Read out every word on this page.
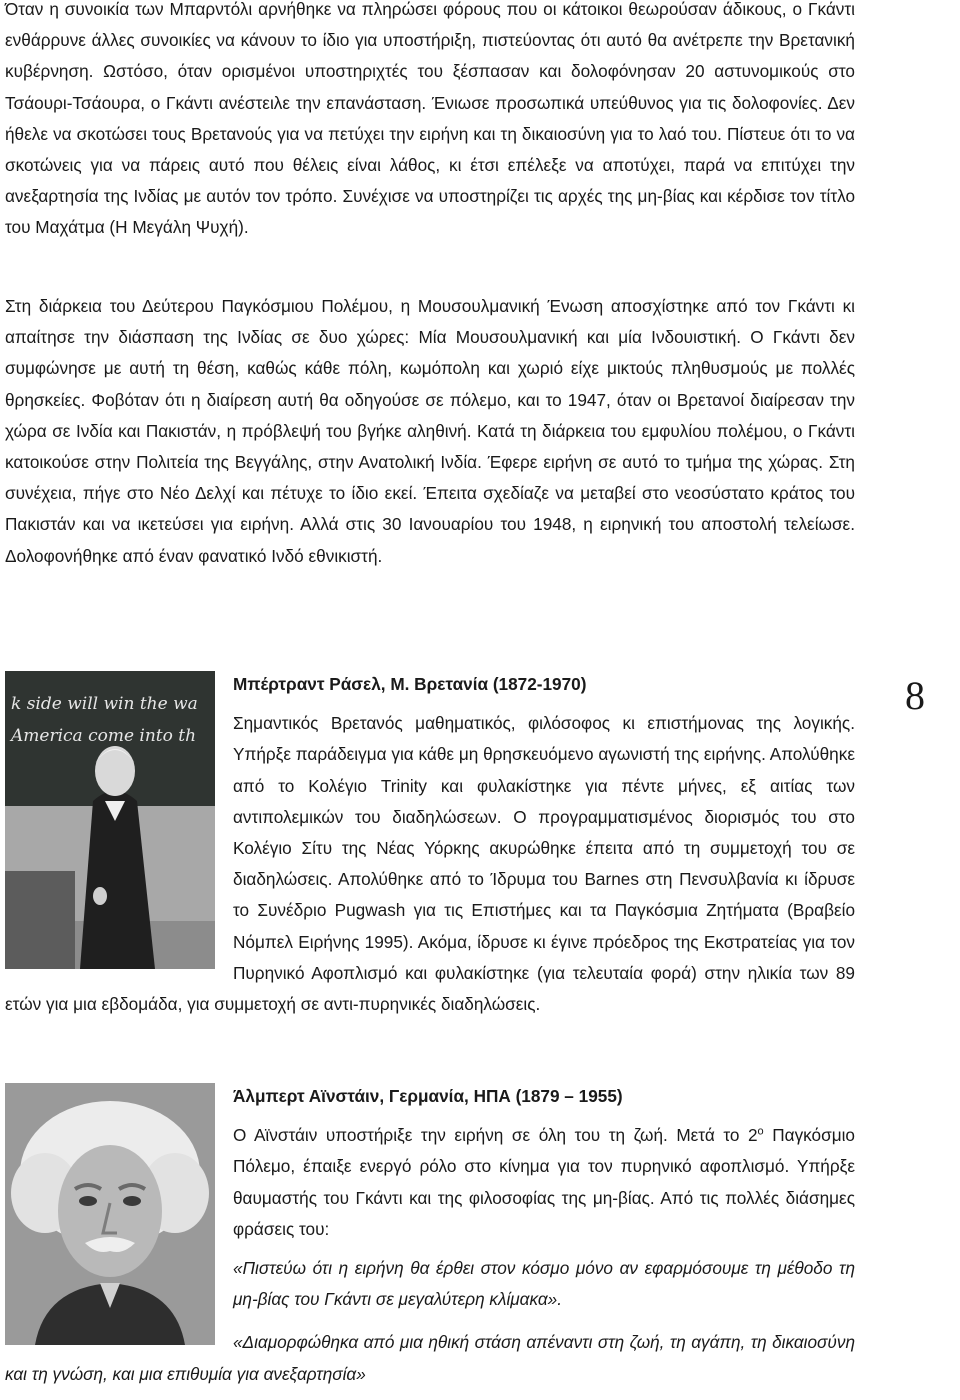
Όταν η συνοικία των Μπαρντόλι αρνήθηκε να πληρώσει φόρους που οι κάτοικοι θεωρούσαν άδικους, ο Γκάντι ενθάρρυνε άλλες συνοικίες να κάνουν το ίδιο για υποστήριξη, πιστεύοντας ότι αυτό θα ανέτρεπε την Βρετανική κυβέρνηση. Ωστόσο, όταν ορισμένοι υποστηριχτές του ξέσπασαν και δολοφόνησαν 20 αστυνομικούς στο Τσάουρι-Τσάουρα, ο Γκάντι ανέστειλε την επανάσταση. Ένιωσε προσωπικά υπεύθυνος για τις δολοφονίες. Δεν ήθελε να σκοτώσει τους Βρετανούς για να πετύχει την ειρήνη και τη δικαιοσύνη για το λαό του. Πίστευε ότι το να σκοτώνεις για να πάρεις αυτό που θέλεις είναι λάθος, κι έτσι επέλεξε να αποτύχει, παρά να επιτύχει την ανεξαρτησία της Ινδίας με αυτόν τον τρόπο. Συνέχισε να υποστηρίζει τις αρχές της μη-βίας και κέρδισε τον τίτλο του Μαχάτμα (Η Μεγάλη Ψυχή).

Στη διάρκεια του Δεύτερου Παγκόσμιου Πολέμου, η Μουσουλμανική Ένωση αποσχίστηκε από τον Γκάντι κι απαίτησε την διάσπαση της Ινδίας σε δυο χώρες: Μία Μουσουλμανική και μία Ινδουιστική. Ο Γκάντι δεν συμφώνησε με αυτή τη θέση, καθώς κάθε πόλη, κωμόπολη και χωριό είχε μικτούς πληθυσμούς με πολλές θρησκείες. Φοβόταν ότι η διαίρεση αυτή θα οδηγούσε σε πόλεμο, και το 1947, όταν οι Βρετανοί διαίρεσαν την χώρα σε Ινδία και Πακιστάν, η πρόβλεψή του βγήκε αληθινή. Κατά τη διάρκεια του εμφυλίου πολέμου, ο Γκάντι κατοικούσε στην Πολιτεία της Βεγγάλης, στην Ανατολική Ινδία. Έφερε ειρήνη σε αυτό το τμήμα της χώρας. Στη συνέχεια, πήγε στο Νέο Δελχί και πέτυχε το ίδιο εκεί. Έπειτα σχεδίαζε να μεταβεί στο νεοσύστατο κράτος του Πακιστάν και να ικετεύσει για ειρήνη. Αλλά στις 30 Ιανουαρίου του 1948, η ειρηνική του αποστολή τελείωσε. Δολοφονήθηκε από έναν φανατικό Ινδό εθνικιστή.

8
k side will win the wa
America come into th
Μπέρτραντ Ράσελ, Μ. Βρετανία (1872-1970)

Σημαντικός Βρετανός μαθηματικός, φιλόσοφος κι επιστήμονας της λογικής. Υπήρξε παράδειγμα για κάθε μη θρησκευόμενο αγωνιστή της ειρήνης. Απολύθηκε από το Κολέγιο Trinity και φυλακίστηκε για πέντε μήνες, εξ αιτίας των αντιπολεμικών του διαδηλώσεων. Ο προγραμματισμένος διορισμός του στο Κολέγιο Σίτυ της Νέας Υόρκης ακυρώθηκε έπειτα από τη συμμετοχή του σε διαδηλώσεις. Απολύθηκε από το Ίδρυμα του Barnes στη Πενσυλβανία κι ίδρυσε το Συνέδριο Pugwash για τις Επιστήμες και τα Παγκόσμια Ζητήματα (Βραβείο Νόμπελ Ειρήνης 1995). Ακόμα, ίδρυσε κι έγινε πρόεδρος της Εκστρατείας για τον Πυρηνικό Αφοπλισμό και φυλακίστηκε (για τελευταία φορά) στην ηλικία των 89 ετών για μια εβδομάδα, για συμμετοχή σε αντι-πυρηνικές διαδηλώσεις.

Άλμπερτ Αϊνστάιν, Γερμανία, ΗΠΑ (1879 – 1955)

Ο Αϊνστάιν υποστήριξε την ειρήνη σε όλη του τη ζωή. Μετά το $2^o$ Παγκόσμιο Πόλεμο, έπαιξε ενεργό ρόλο στο κίνημα για τον πυρηνικό αφοπλισμό. Υπήρξε θαυμαστής του Γκάντι και της φιλοσοφίας της μη-βίας. Από τις πολλές διάσημες φράσεις του:

«Πιστεύω ότι η ειρήνη θα έρθει στον κόσμο μόνο αν εφαρμόσουμε τη μέθοδο τη μη-βίας του Γκάντι σε μεγαλύτερη κλίμακα».

«Διαμορφώθηκα από μια ηθική στάση απέναντι στη ζωή, τη αγάπη, τη δικαιοσύνη και τη γνώση, και μια επιθυμία για ανεξαρτησία»
